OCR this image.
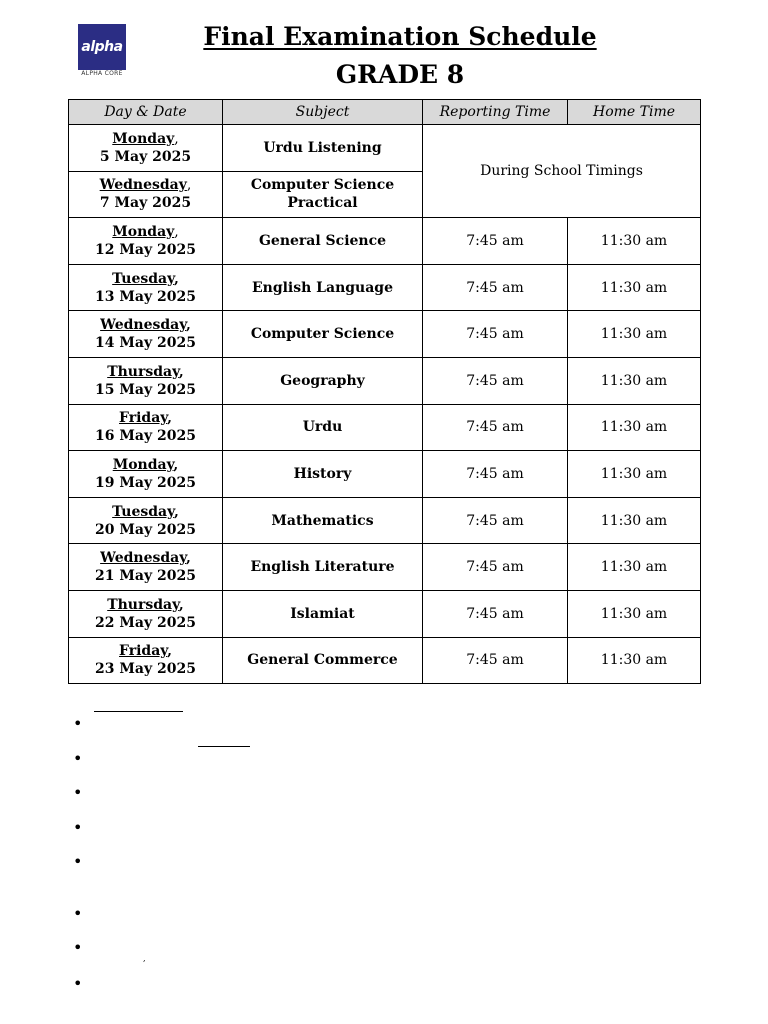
alpha
ALPHA CORE
Final Examination Schedule
GRADE 8
Day & Date	Subject	Reporting Time	Home Time
Monday,
5 May 2025	Urdu Listening	During School Timings	
Wednesday,
7 May 2025	Computer Science Practical		
Monday,
12 May 2025	General Science	7:45 am	11:30 am
Tuesday,
13 May 2025	English Language	7:45 am	11:30 am
Wednesday,
14 May 2025	Computer Science	7:45 am	11:30 am
Thursday,
15 May 2025	Geography	7:45 am	11:30 am
Friday,
16 May 2025	Urdu	7:45 am	11:30 am
Monday,
19 May 2025	History	7:45 am	11:30 am
Tuesday,
20 May 2025	Mathematics	7:45 am	11:30 am
Wednesday,
21 May 2025	English Literature	7:45 am	11:30 am
Thursday,
22 May 2025	Islamiat	7:45 am	11:30 am
Friday,
23 May 2025	General Commerce	7:45 am	11:30 am
•
•
•
•
•
•
•
•
,
